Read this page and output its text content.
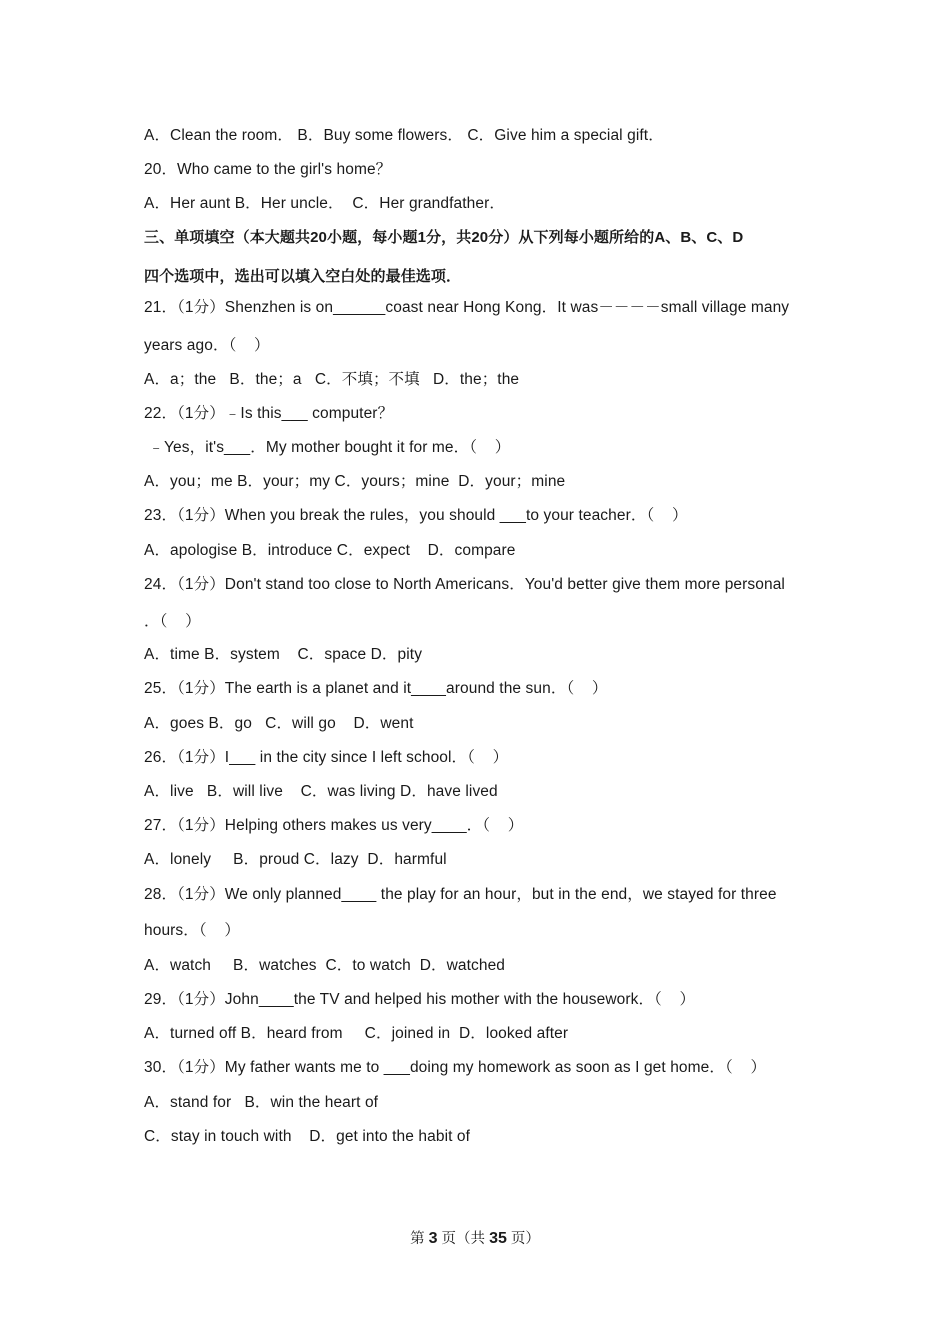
A．Clean the room． B．Buy some flowers． C．Give him a special gift．
20．Who came to the girl's home？
A．Her aunt B．Her uncle．  C．Her grandfather．
三、单项填空（本大题共20小题，每小题1分，共20分）从下列每小题所给的A、B、C、D
四个选项中，选出可以填入空白处的最佳选项．
21．（1分）Shenzhen is on______coast near Hong Kong．It was－－－－small village many
years ago．（    ）
A．a；the   B．the；a   C．不填；不填   D．the；the
22．（1分）﹣Is this___ computer？
﹣Yes，it's___．My mother bought it for me．（    ）
A．you；me B．your；my C．yours；mine  D．your；mine
23．（1分）When you break the rules，you should ___to your teacher．（    ）
A．apologise B．introduce C．expect    D．compare
24．（1分）Don't stand too close to North Americans．You'd better give them more personal
．（    ）
A．time B．system    C．space D．pity
25．（1分）The earth is a planet and it____around the sun．（    ）
A．goes B．go   C．will go    D．went
26．（1分）I___ in the city since I left school．（    ）
A．live   B．will live    C．was living D．have lived
27．（1分）Helping others makes us very____．（    ）
A．lonely     B．proud C．lazy  D．harmful
28．（1分）We only planned____ the play for an hour，but in the end，we stayed for three
hours．（    ）
A．watch     B．watches  C．to watch  D．watched
29．（1分）John____the TV and helped his mother with the housework．（    ）
A．turned off B．heard from     C．joined in  D．looked after
30．（1分）My father wants me to ___doing my homework as soon as I get home．（    ）
A．stand for   B．win the heart of
C．stay in touch with    D．get into the habit of
第 3 页（共 35 页）
